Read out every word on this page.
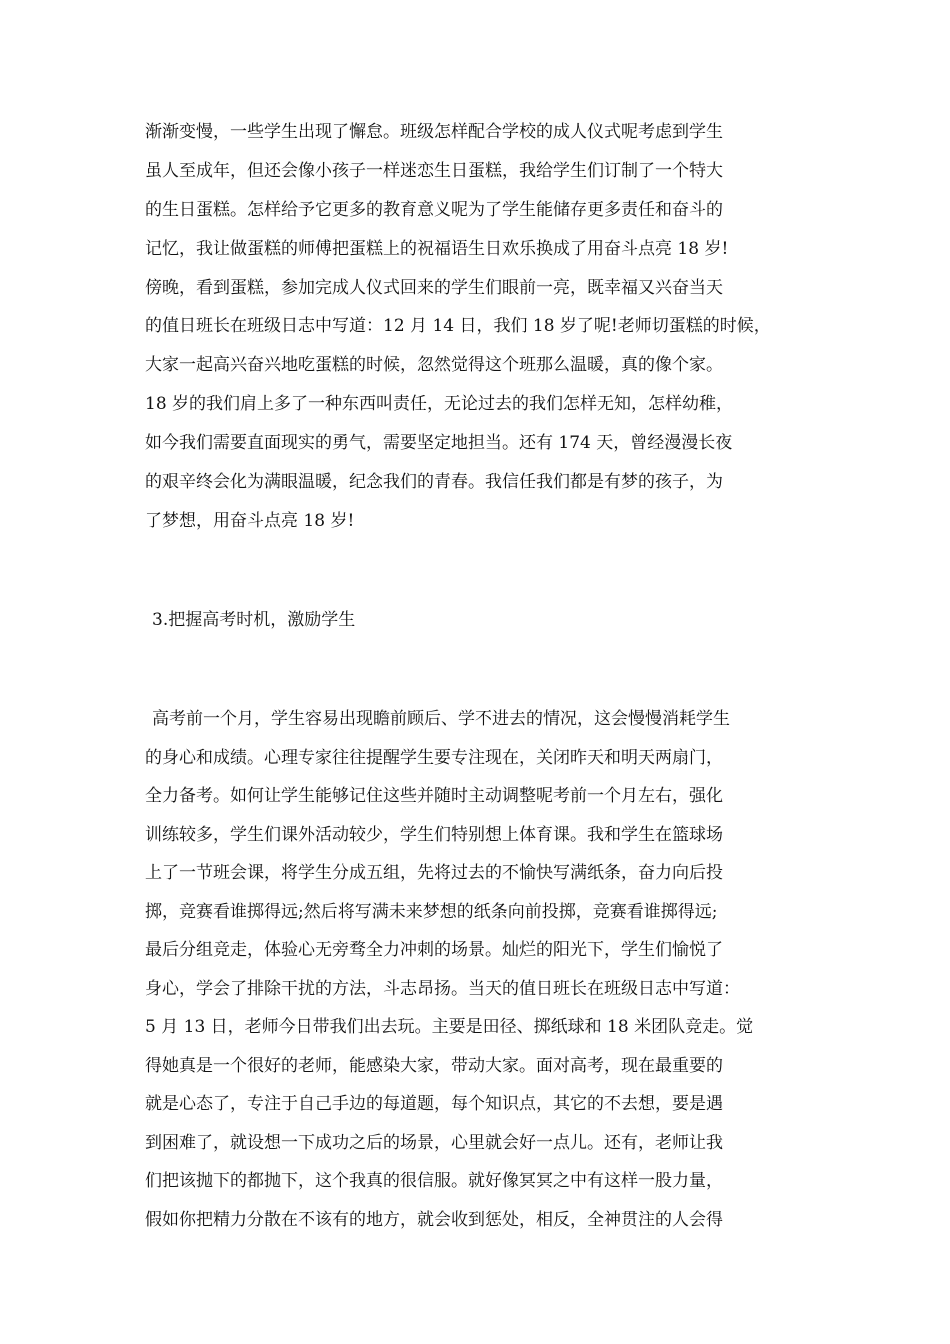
渐渐变慢，一些学生出现了懈怠。班级怎样配合学校的成人仪式呢考虑到学生
虽人至成年，但还会像小孩子一样迷恋生日蛋糕，我给学生们订制了一个特大
的生日蛋糕。怎样给予它更多的教育意义呢为了学生能储存更多责任和奋斗的
记忆，我让做蛋糕的师傅把蛋糕上的祝福语生日欢乐换成了用奋斗点亮 18 岁!
傍晚，看到蛋糕，参加完成人仪式回来的学生们眼前一亮，既幸福又兴奋当天
的值日班长在班级日志中写道：12 月 14 日，我们 18 岁了呢!老师切蛋糕的时候，
大家一起高兴奋兴地吃蛋糕的时候，忽然觉得这个班那么温暖，真的像个家。
18 岁的我们肩上多了一种东西叫责任，无论过去的我们怎样无知，怎样幼稚，
如今我们需要直面现实的勇气，需要坚定地担当。还有 174 天，曾经漫漫长夜
的艰辛终会化为满眼温暖，纪念我们的青春。我信任我们都是有梦的孩子，为
了梦想，用奋斗点亮 18 岁!
3.把握高考时机，激励学生
高考前一个月，学生容易出现瞻前顾后、学不进去的情况，这会慢慢消耗学生
的身心和成绩。心理专家往往提醒学生要专注现在，关闭昨天和明天两扇门，
全力备考。如何让学生能够记住这些并随时主动调整呢考前一个月左右，强化
训练较多，学生们课外活动较少，学生们特别想上体育课。我和学生在篮球场
上了一节班会课，将学生分成五组，先将过去的不愉快写满纸条，奋力向后投
掷，竞赛看谁掷得远;然后将写满未来梦想的纸条向前投掷，竞赛看谁掷得远;
最后分组竞走，体验心无旁骛全力冲刺的场景。灿烂的阳光下，学生们愉悦了
身心，学会了排除干扰的方法，斗志昂扬。当天的值日班长在班级日志中写道：
5 月 13 日，老师今日带我们出去玩。主要是田径、掷纸球和 18 米团队竞走。觉
得她真是一个很好的老师，能感染大家，带动大家。面对高考，现在最重要的
就是心态了，专注于自己手边的每道题，每个知识点，其它的不去想，要是遇
到困难了，就设想一下成功之后的场景，心里就会好一点儿。还有，老师让我
们把该抛下的都抛下，这个我真的很信服。就好像冥冥之中有这样一股力量，
假如你把精力分散在不该有的地方，就会收到惩处，相反，全神贯注的人会得
